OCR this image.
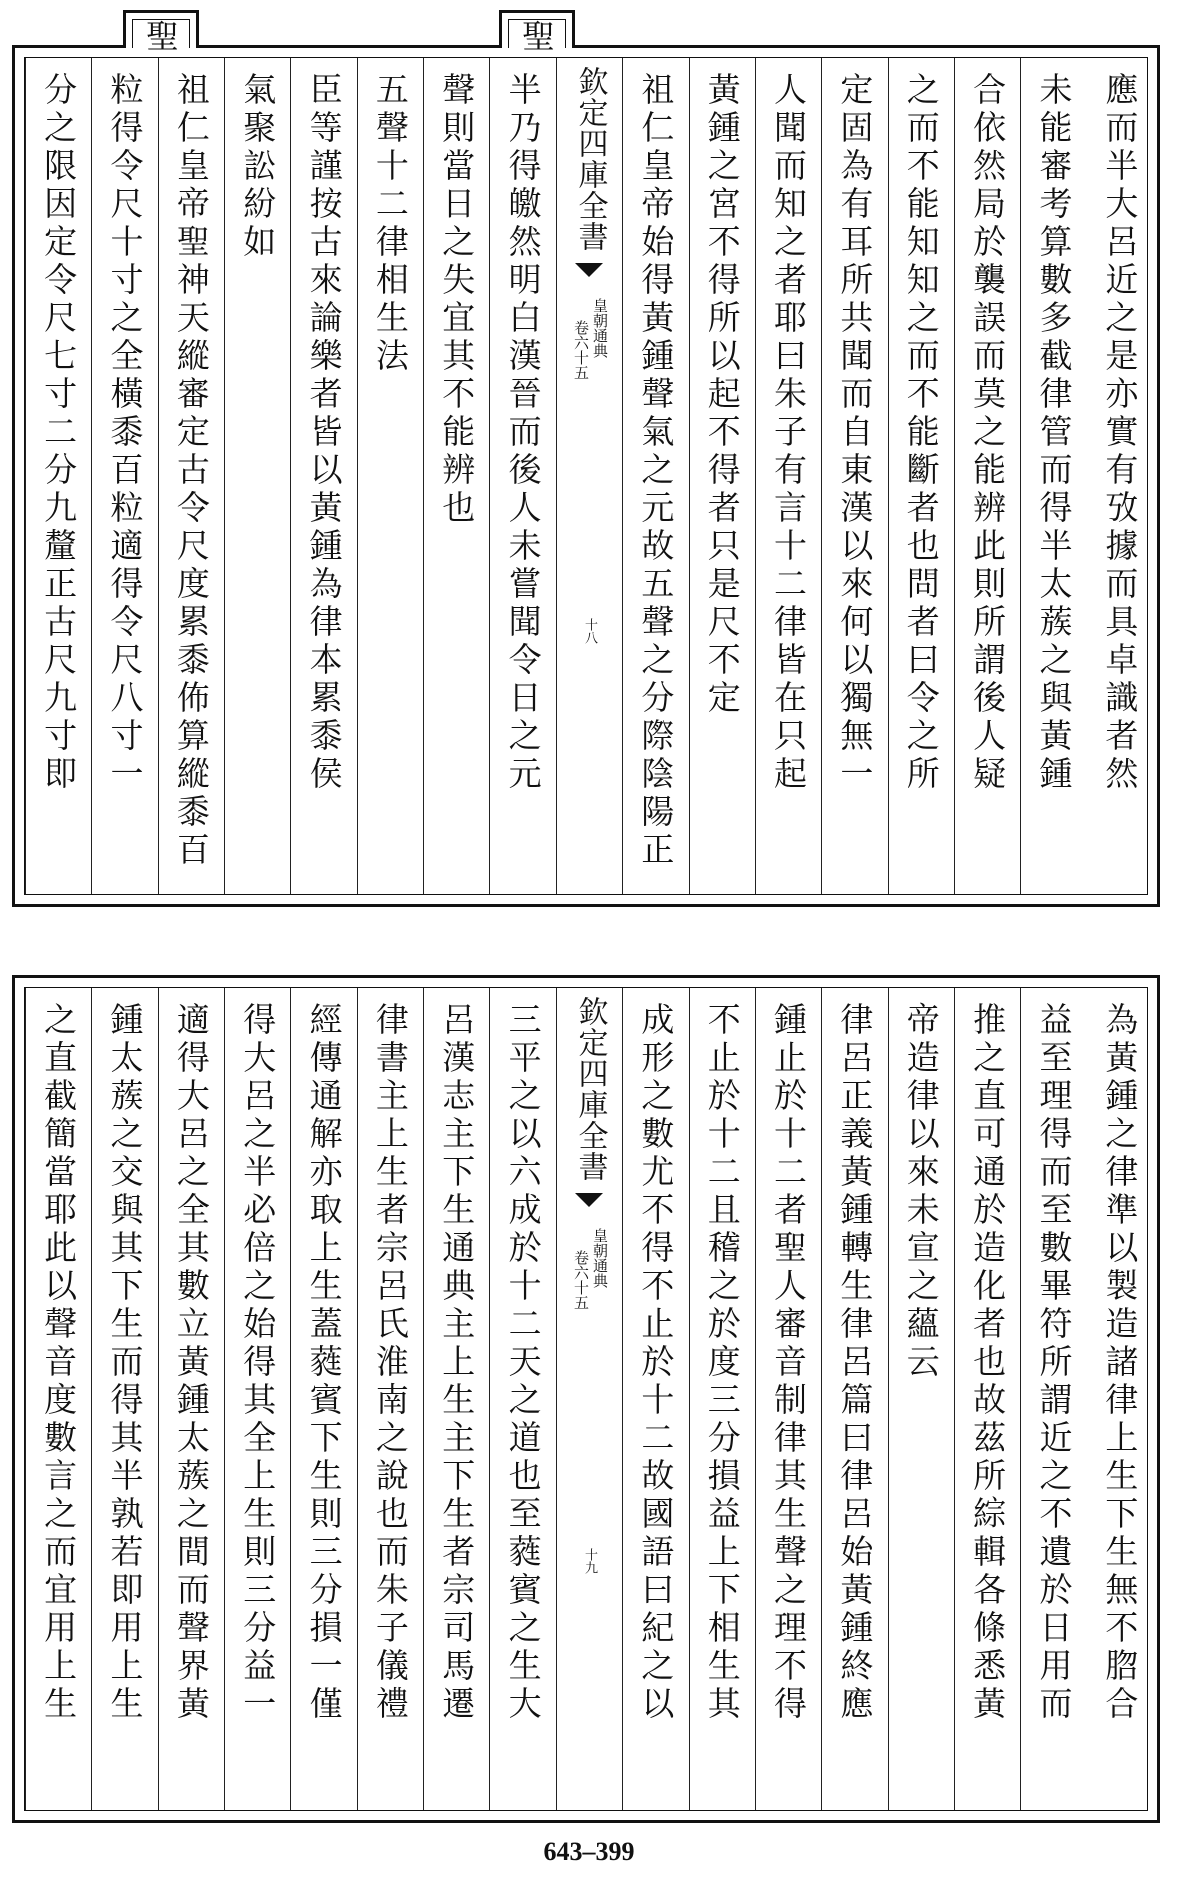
聖	聖
應而半大呂近之是亦實有攷據而具卓識者然
未能審考算數多截律管而得半太蔟之與黃鍾
合依然局於襲誤而莫之能辨此則所謂後人疑
之而不能知知之而不能斷者也問者曰令之所
定固為有耳所共聞而自東漢以來何以獨無一
人聞而知之者耶曰朱子有言十二律皆在只起
黃鍾之宮不得所以起不得者只是尺不定
祖仁皇帝始得黃鍾聲氣之元故五聲之分際陰陽正
欽定四庫全書
皇朝通典
卷六十五
十八
半乃得皦然明白漢晉而後人未嘗聞令日之元
聲則當日之失宜其不能辨也
五聲十二律相生法
臣等謹按古來論樂者皆以黃鍾為律本累黍侯
氣聚訟紛如
祖仁皇帝聖神天縱審定古令尺度累黍佈算縱黍百
粒得令尺十寸之全橫黍百粒適得令尺八寸一
分之限因定令尺七寸二分九釐正古尺九寸即
為黃鍾之律準以製造諸律上生下生無不脗合
益至理得而至數畢符所謂近之不遺於日用而
推之直可通於造化者也故茲所綜輯各條悉黃
帝造律以來未宣之蘊云
律呂正義黃鍾轉生律呂篇曰律呂始黃鍾終應
鍾止於十二者聖人審音制律其生聲之理不得
不止於十二且稽之於度三分損益上下相生其
成形之數尤不得不止於十二故國語曰紀之以
欽定四庫全書
皇朝通典
卷六十五
十九
三平之以六成於十二天之道也至蕤賓之生大
呂漢志主下生通典主上生主下生者宗司馬遷
律書主上生者宗呂氏淮南之說也而朱子儀禮
經傳通解亦取上生蓋蕤賓下生則三分損一僅
得大呂之半必倍之始得其全上生則三分益一
適得大呂之全其數立黃鍾太蔟之間而聲界黃
鍾太蔟之交與其下生而得其半孰若即用上生
之直截簡當耶此以聲音度數言之而宜用上生
643–399
